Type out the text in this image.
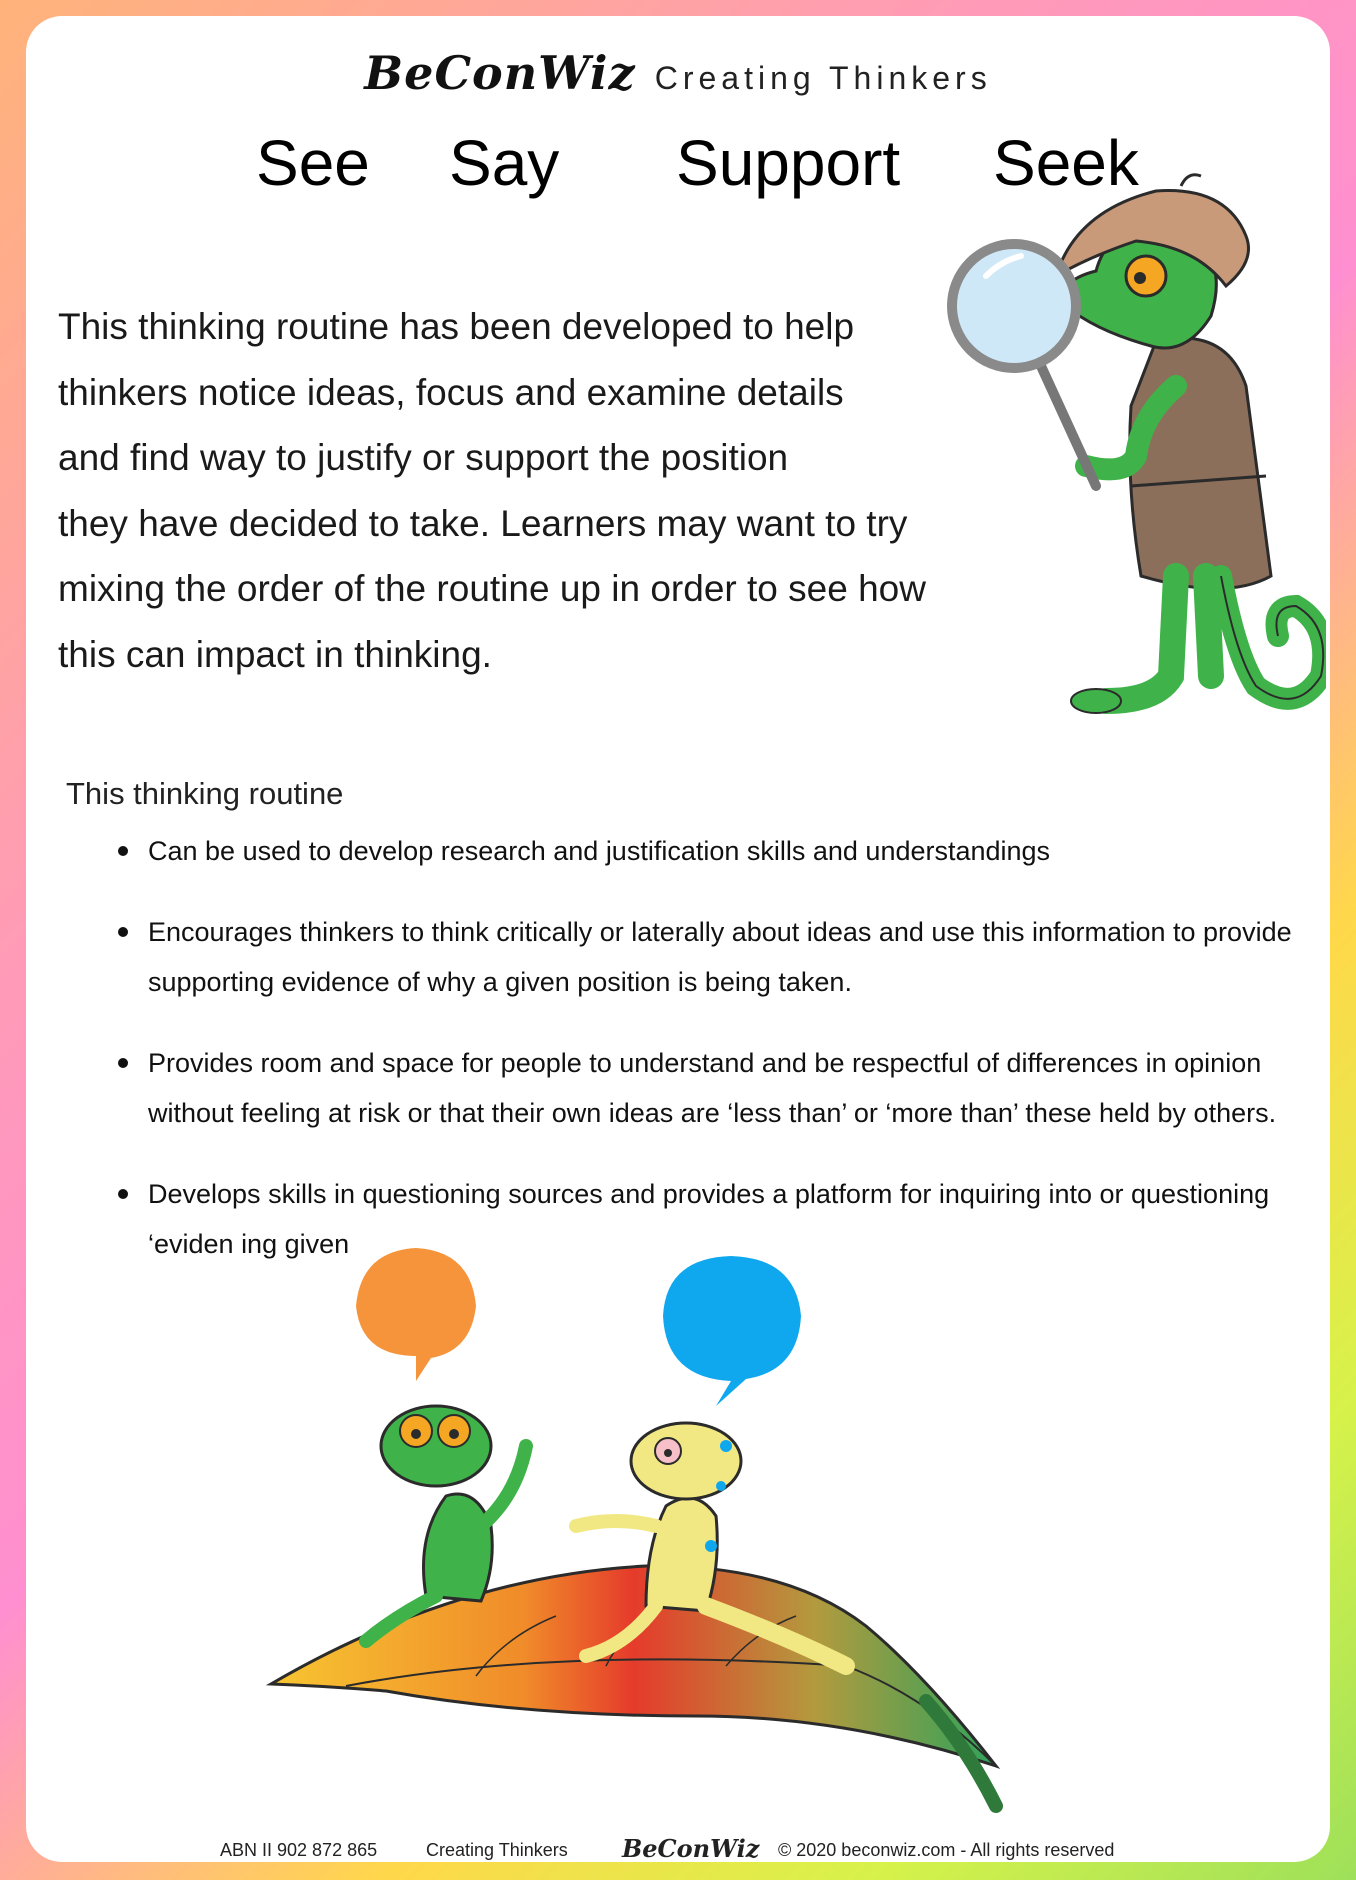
BeConWiz Creating Thinkers
See Say Support Seek
This thinking routine has been developed to help
thinkers notice ideas, focus and examine details
and find way to justify or support the position
they have decided to take. Learners may want to try
mixing the order of the routine up in order to see how
this can impact in thinking.
This thinking routine
Can be used to develop research and justification skills and understandings
Encourages thinkers to think critically or laterally about ideas and use this information to provide supporting evidence of why a given position is being taken.
Provides room and space for people to understand and be respectful of differences in opinion without feeling at risk or that their own ideas are ‘less than’ or ‘more than’ these held by others.
Develops skills in questioning sources and provides a platform for inquiring into or questioning ‘eviden ing given
ABN II 902 872 865	Creating Thinkers BeConWiz © 2020 beconwiz.com - All rights reserved
